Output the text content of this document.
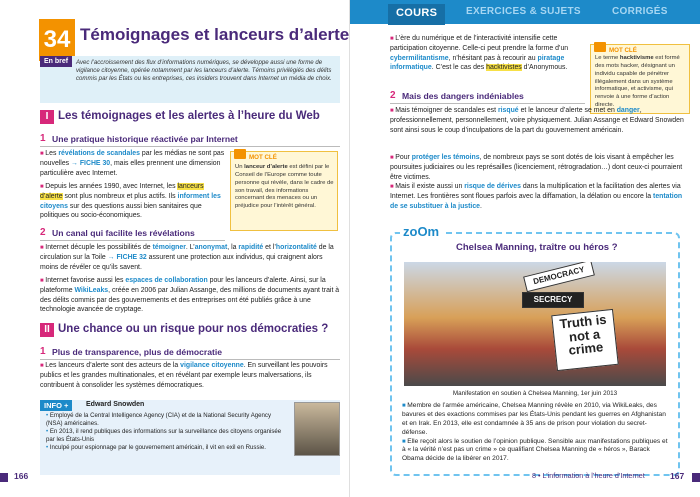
34 Témoignages et lanceurs d’alerte
En bref	Avec l’accroissement des flux d’informations numériques, se développe aussi une forme de vigilance citoyenne, opérée notamment par les lanceurs d’alerte. Témoins privilégiés des délits commis par les États ou les entreprises, ces insiders trouvent dans Internet un média de choix.
I Les témoignages et les alertes à l’heure du Web
1 Une pratique historique réactivée par Internet
■ Les révélations de scandales par les médias ne sont pas nouvelles → FICHE 30, mais elles prennent une dimension particulière avec Internet.
■ Depuis les années 1990, avec Internet, les lanceurs d’alerte sont plus nombreux et plus actifs. Ils informent les citoyens sur des questions aussi bien sanitaires que politiques ou socio-économiques.
MOT CLÉ
Un lanceur d’alerte est défini par le Conseil de l’Europe comme toute personne qui révèle, dans le cadre de son travail, des informations concernant des menaces ou un préjudice pour l’intérêt général.
2 Un canal qui facilite les révélations
■ Internet décuple les possibilités de témoigner. L’anonymat, la rapidité et l’horizontalité de la circulation sur la Toile → FICHE 32 assurent une protection aux individus, qui craignent alors moins de révéler ce qu’ils savent.
■ Internet favorise aussi les espaces de collaboration pour les lanceurs d’alerte. Ainsi, sur la plateforme WikiLeaks, créée en 2006 par Julian Assange, des millions de documents ayant trait à des délits commis par des gouvernements et des entreprises ont été publiés grâce à une technologie avancée de cryptage.
II Une chance ou un risque pour nos démocraties ?
1 Plus de transparence, plus de démocratie
■ Les lanceurs d’alerte sont des acteurs de la vigilance citoyenne. En surveillant les pouvoirs publics et les grandes multinationales, et en révélant par exemple leurs malversations, ils contribuent à consolider les systèmes démocratiques.
INFO +	Edward Snowden
• Employé de la Central Intelligence Agency (CIA) et de la National Security Agency (NSA) américaines.
• En 2013, il rend publiques des informations sur la surveillance des citoyens organisée par les États-Unis
• Inculpé pour espionnage par le gouvernement américain, il vit en exil en Russie.
166
COURS	EXERCICES & SUJETS	CORRIGÉS
■ L’ère du numérique et de l’interactivité intensifie cette participation citoyenne. Celle-ci peut prendre la forme d’un cybermilitantisme, n’hésitant pas à recourir au piratage informatique. C’est le cas des hacktivistes d’Anonymous.
MOT CLÉ
Le terme hacktivisme est formé des mots hacker, désignant un individu capable de pénétrer illégalement dans un système informatique, et activisme, qui renvoie à une forme d’action directe.
2 Mais des dangers indéniables
■ Mais témoigner de scandales est risqué et le lanceur d’alerte se met en danger, professionnellement, personnellement, voire physiquement. Julian Assange et Edward Snowden sont ainsi sous le coup d’inculpations de la part du gouvernement américain.
■ Pour protéger les témoins, de nombreux pays se sont dotés de lois visant à empêcher les poursuites judiciaires ou les représailles (licenciement, rétrogradation…) dont ceux-ci pourraient être victimes.
■ Mais il existe aussi un risque de dérives dans la multiplication et la facilitation des alertes via Internet. Les frontières sont floues parfois avec la diffamation, la délation ou encore la tentation de se substituer à la justice.
zoOm
Chelsea Manning, traître ou héros ?
DEMOCRACY
SECRECY
Truth is not a crime
Manifestation en soutien à Chelsea Manning, 1er juin 2013

■ Membre de l’armée américaine, Chelsea Manning révèle en 2010, via WikiLeaks, des bavures et des exactions commises par les États-Unis pendant les guerres en Afghanistan et en Irak. En 2013, elle est condamnée à 35 ans de prison pour violation du secret-défense.

■ Elle reçoit alors le soutien de l’opinion publique. Sensible aux manifestations publiques et à « la vérité n’est pas un crime » ce qualifiant Chelsea Manning de « héros », Barack Obama décide de la libérer en 2017.

8 • L’information à l’heure d’Internet	167
